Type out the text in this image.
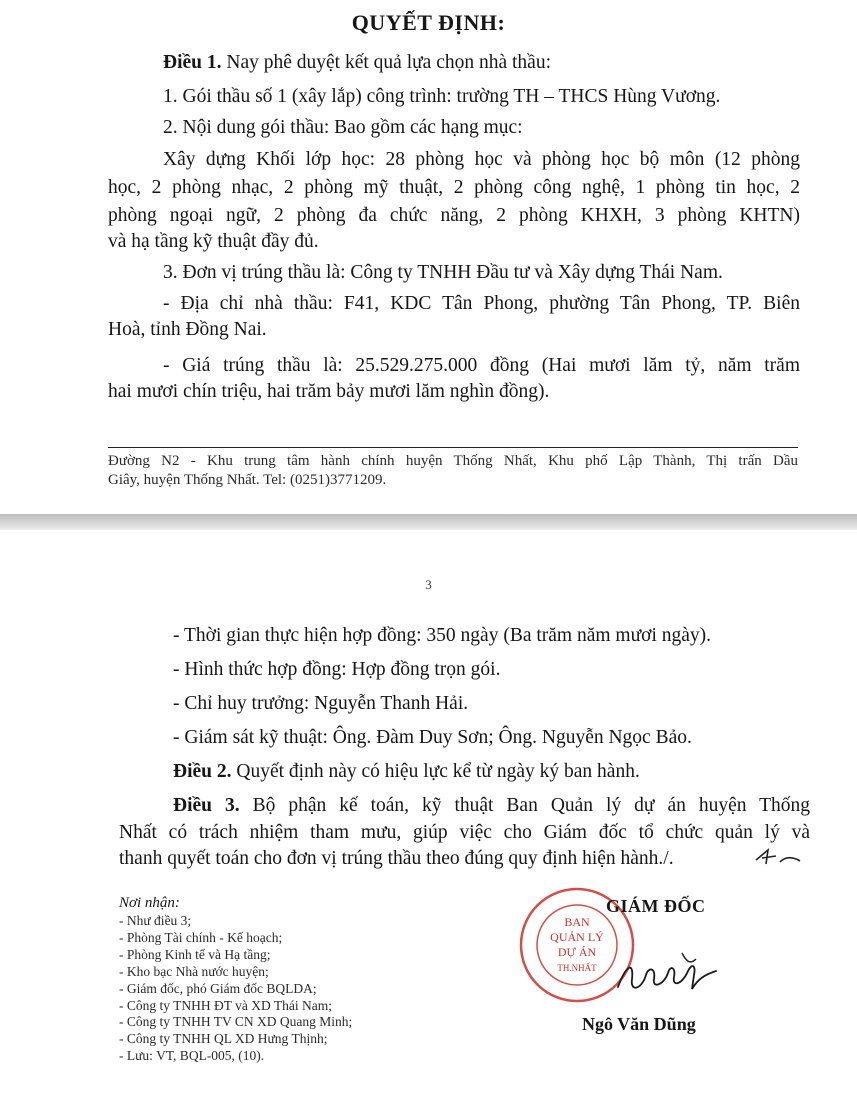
QUYẾT ĐỊNH:
Điều 1. Nay phê duyệt kết quả lựa chọn nhà thầu:
1. Gói thầu số 1 (xây lắp) công trình: trường TH – THCS Hùng Vương.
2. Nội dung gói thầu: Bao gồm các hạng mục:
Xây dựng Khối lớp học: 28 phòng học và phòng học bộ môn (12 phòng
học, 2 phòng nhạc, 2 phòng mỹ thuật, 2 phòng công nghệ, 1 phòng tin học, 2
phòng ngoại ngữ, 2 phòng đa chức năng, 2 phòng KHXH, 3 phòng KHTN)
và hạ tầng kỹ thuật đầy đủ.
3. Đơn vị trúng thầu là: Công ty TNHH Đầu tư và Xây dựng Thái Nam.
- Địa chỉ nhà thầu: F41, KDC Tân Phong, phường Tân Phong, TP. Biên
Hoà, tỉnh Đồng Nai.
- Giá trúng thầu là: 25.529.275.000 đồng (Hai mươi lăm tỷ, năm trăm
hai mươi chín triệu, hai trăm bảy mươi lăm nghìn đồng).
Đường N2 - Khu trung tâm hành chính huyện Thống Nhất, Khu phố Lập Thành, Thị trấn Dầu
Giây, huyện Thống Nhất. Tel: (0251)3771209.
3
- Thời gian thực hiện hợp đồng: 350 ngày (Ba trăm năm mươi ngày).
- Hình thức hợp đồng: Hợp đồng trọn gói.
- Chỉ huy trưởng: Nguyễn Thanh Hải.
- Giám sát kỹ thuật: Ông. Đàm Duy Sơn; Ông. Nguyễn Ngọc Bảo.
Điều 2. Quyết định này có hiệu lực kể từ ngày ký ban hành.
Điều 3. Bộ phận kế toán, kỹ thuật Ban Quản lý dự án huyện Thống
Nhất có trách nhiệm tham mưu, giúp việc cho Giám đốc tổ chức quản lý và
thanh quyết toán cho đơn vị trúng thầu theo đúng quy định hiện hành./.
Nơi nhận:
- Như điều 3;
- Phòng Tài chính - Kế hoạch;
- Phòng Kinh tế và Hạ tầng;
- Kho bạc Nhà nước huyện;
- Giám đốc, phó Giám đốc BQLDA;
- Công ty TNHH ĐT và XD Thái Nam;
- Công ty TNHH TV CN XD Quang Minh;
- Công ty TNHH QL XD Hưng Thịnh;
- Lưu: VT, BQL-005, (10).
BAN
QUẢN LÝ
DỰ ÁN
TH.NHẤT
GIÁM ĐỐC
Ngô Văn Dũng
